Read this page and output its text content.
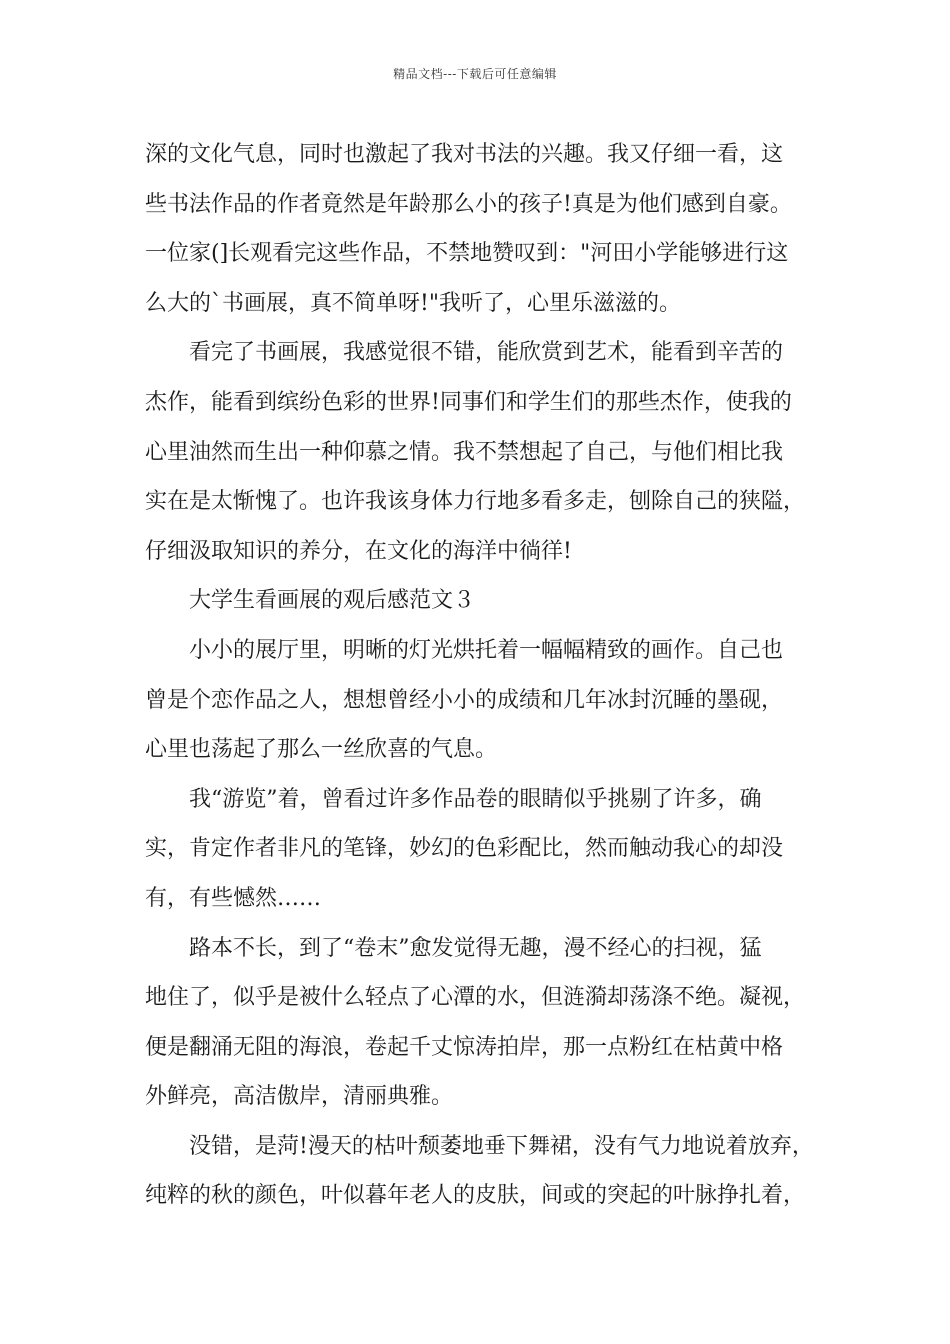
精品文档---下载后可任意编辑
深的文化气息，同时也激起了我对书法的兴趣。我又仔细一看，这
些书法作品的作者竟然是年龄那么小的孩子!真是为他们感到自豪。
一位家(]长观看完这些作品，不禁地赞叹到："河田小学能够进行这
么大的`书画展，真不简单呀!"我听了，心里乐滋滋的。
看完了书画展，我感觉很不错，能欣赏到艺术，能看到辛苦的
杰作，能看到缤纷色彩的世界!同事们和学生们的那些杰作，使我的
心里油然而生出一种仰慕之情。我不禁想起了自己，与他们相比我
实在是太惭愧了。也许我该身体力行地多看多走，刨除自己的狭隘，
仔细汲取知识的养分，在文化的海洋中徜徉!
大学生看画展的观后感范文３
小小的展厅里，明晰的灯光烘托着一幅幅精致的画作。自己也
曾是个恋作品之人，想想曾经小小的成绩和几年冰封沉睡的墨砚，
心里也荡起了那么一丝欣喜的气息。
我“游览”着，曾看过许多作品卷的眼睛似乎挑剔了许多，确
实，肯定作者非凡的笔锋，妙幻的色彩配比，然而触动我心的却没
有，有些憾然……
路本不长，到了“卷末”愈发觉得无趣，漫不经心的扫视，猛
地住了，似乎是被什么轻点了心潭的水，但涟漪却荡涤不绝。凝视，
便是翻涌无阻的海浪，卷起千丈惊涛拍岸，那一点粉红在枯黄中格
外鲜亮，高洁傲岸，清丽典雅。
没错，是菏!漫天的枯叶颓萎地垂下舞裙，没有气力地说着放弃，
纯粹的秋的颜色，叶似暮年老人的皮肤，间或的突起的叶脉挣扎着，
